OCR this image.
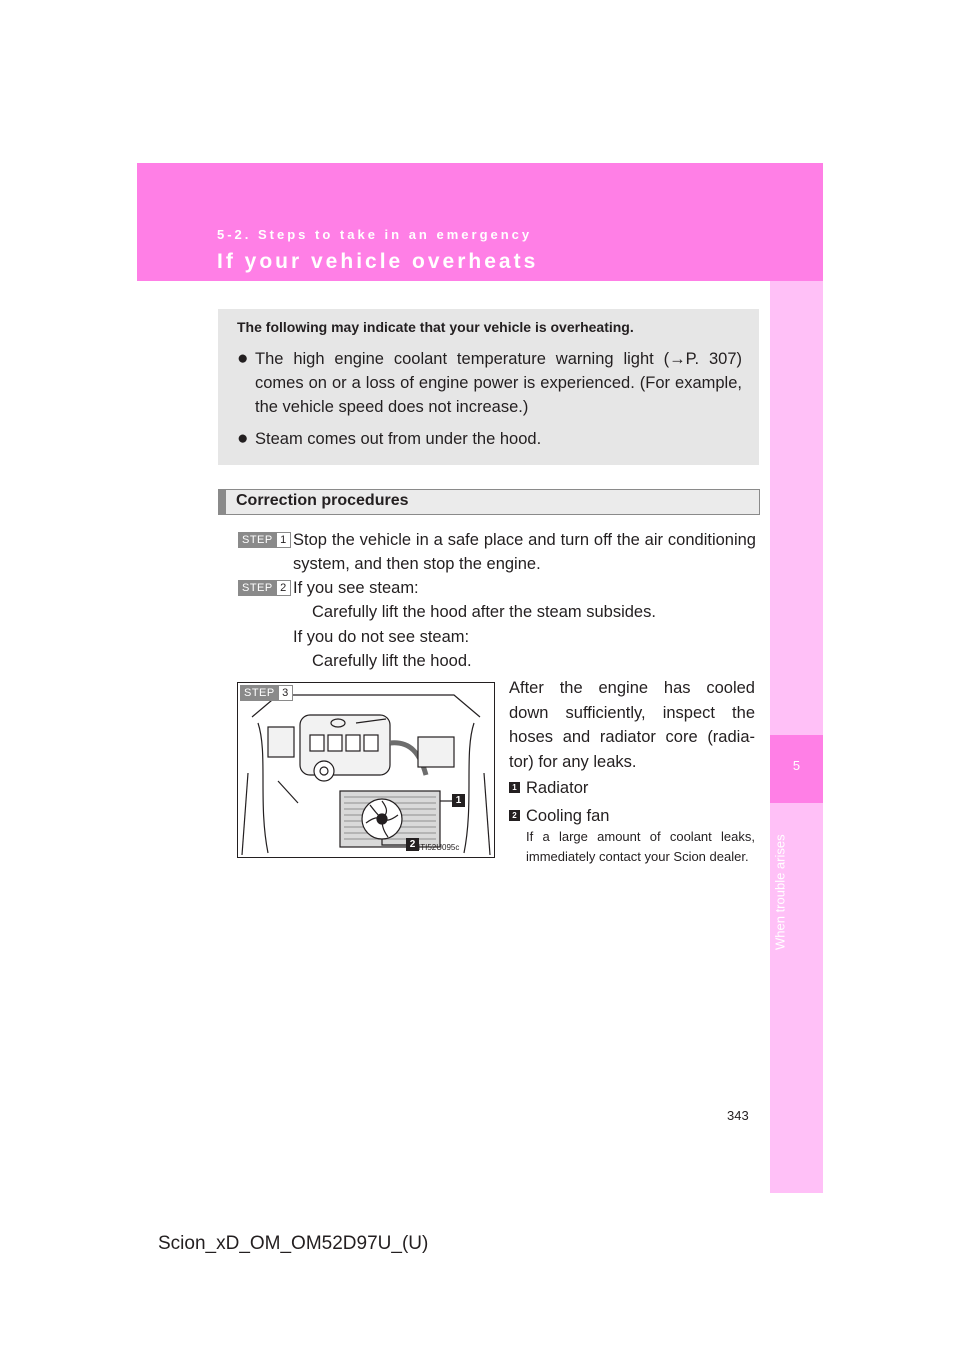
5-2. Steps to take in an emergency
If your vehicle overheats
5
When trouble arises
The following may indicate that your vehicle is overheating.
● The high engine coolant temperature warning light (→P. 307) comes on or a loss of engine power is experienced. (For example, the vehicle speed does not increase.)
● Steam comes out from under the hood.
Correction procedures
STEP 1 Stop the vehicle in a safe place and turn off the air conditioning system, and then stop the engine.
STEP 2 If you see steam:
Carefully lift the hood after the steam subsides.
If you do not see steam:
Carefully lift the hood.
STEP 3
1
2 ITI52U095c
After the engine has cooled
down sufficiently, inspect the
hoses and radiator core (radia-
tor) for any leaks.
1 Radiator
2 Cooling fan
If a large amount of coolant leaks, immediately contact your Scion dealer.
343
Scion_xD_OM_OM52D97U_(U)
